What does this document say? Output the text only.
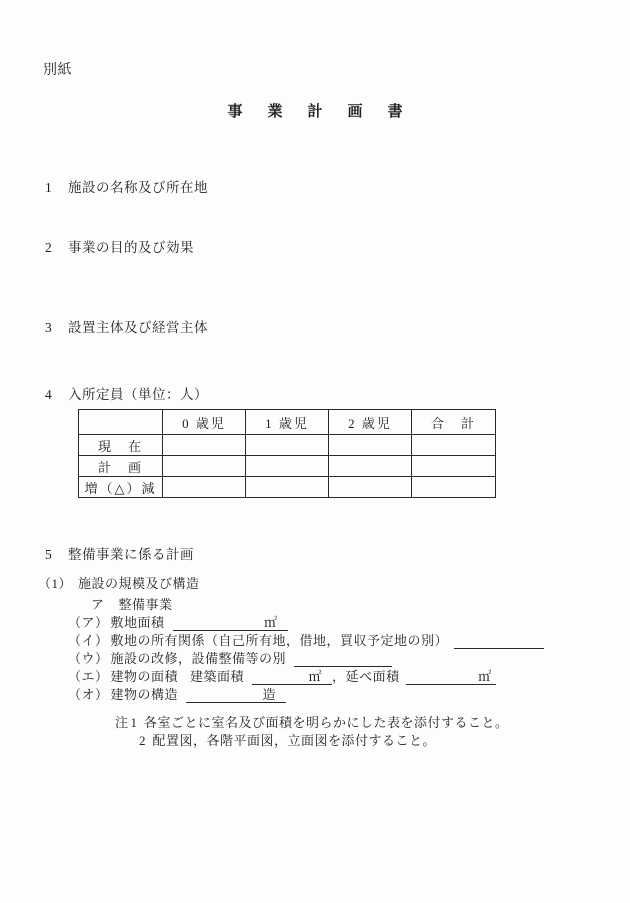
別紙
事業計画書
1 施設の名称及び所在地
2 事業の目的及び効果
3 設置主体及び経営主体
4 入所定員（単位：人）
	0 歳児	1 歳児	2 歳児	合　計
現　在				
計　画				
増（△）減				
5 整備事業に係る計画
（1） 施設の規模及び構造
ア 整備事業
（ア） 敷地面積	㎡
（イ） 敷地の所有関係（自己所有地，借地，買収予定地の別）
（ウ） 施設の改修，設備整備等の別
（エ） 建物の面積 建築面積	㎡ ，延べ面積	㎡
（オ） 建物の構造	造
注 1 各室ごとに室名及び面積を明らかにした表を添付すること。
2 配置図，各階平面図，立面図を添付すること。
